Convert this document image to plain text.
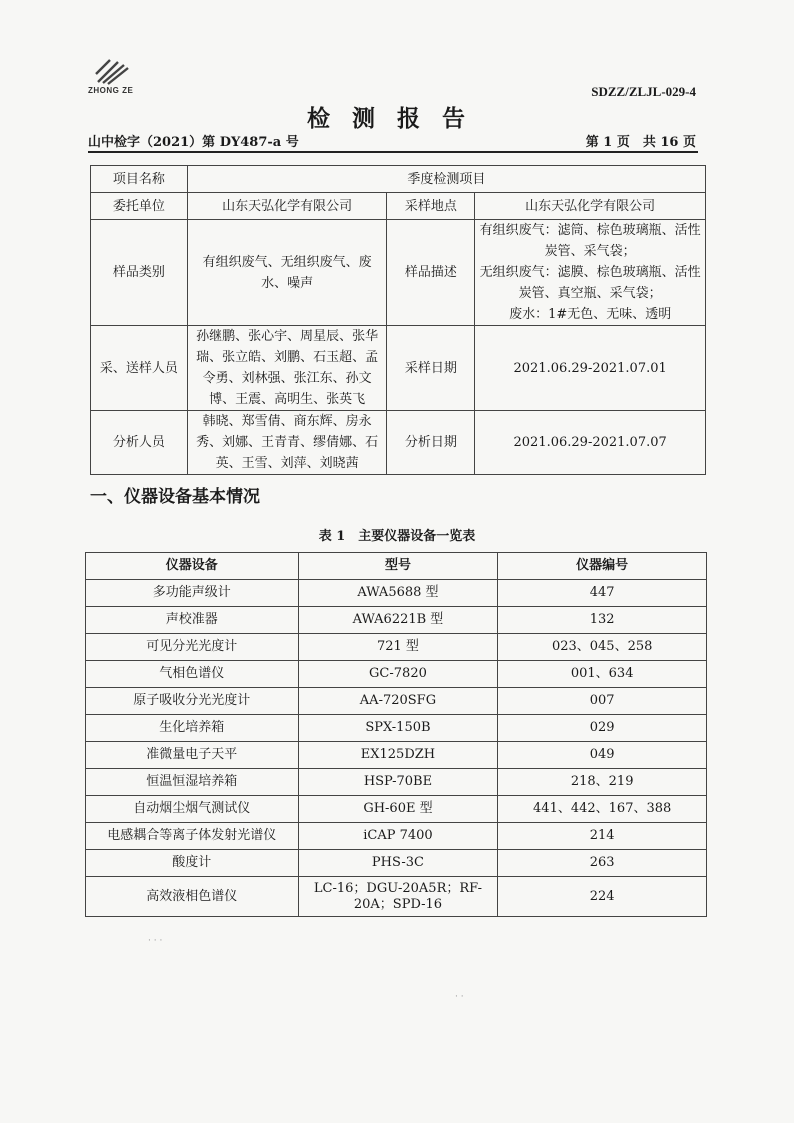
ZHONG ZE	SDZZ/ZLJL-029-4
检测报告
山中检字（2021）第 DY487-a 号	第 1 页　共 16 页
项目名称	季度检测项目		
委托单位	山东天弘化学有限公司	采样地点	山东天弘化学有限公司
样品类别	有组织废气、无组织废气、废水、噪声	样品描述	有组织废气：滤筒、棕色玻璃瓶、活性炭管、采气袋；
无组织废气：滤膜、棕色玻璃瓶、活性炭管、真空瓶、采气袋；
废水：1#无色、无味、透明

采、送样人员	孙继鹏、张心宇、周星辰、张华瑞、张立皓、刘鹏、石玉超、孟令勇、刘林强、张江东、孙文博、王震、高明生、张英飞	采样日期	2021.06.29-2021.07.01
分析人员	韩晓、郑雪倩、商东辉、房永秀、刘娜、王青青、缪倩娜、石英、王雪、刘萍、刘晓茜	分析日期	2021.06.29-2021.07.07
一、仪器设备基本情况
表 1　主要仪器设备一览表
仪器设备	型号	仪器编号
多功能声级计	AWA5688 型	447
声校准器	AWA6221B 型	132
可见分光光度计	721 型	023、045、258
气相色谱仪	GC-7820	001、634
原子吸收分光光度计	AA-720SFG	007
生化培养箱	SPX-150B	029
准微量电子天平	EX125DZH	049
恒温恒湿培养箱	HSP-70BE	218、219
自动烟尘烟气测试仪	GH-60E 型	441、442、167、388
电感耦合等离子体发射光谱仪	iCAP 7400	214
酸度计	PHS-3C	263
高效液相色谱仪	LC-16；DGU-20A5R；RF-20A；SPD-16	224
· · ·
· ·
